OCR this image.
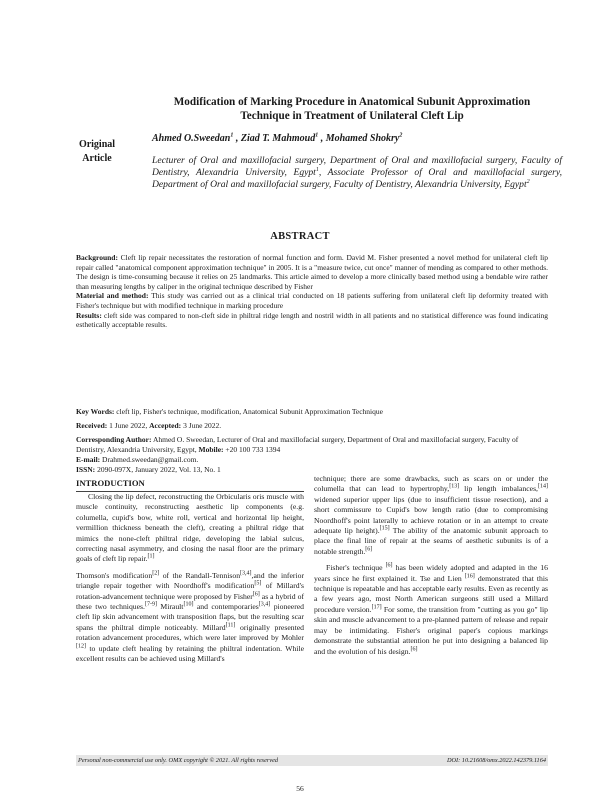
Original Article
Modification of Marking Procedure in Anatomical Subunit Approximation Technique in Treatment of Unilateral Cleft Lip
Ahmed O.Sweedan$^1$ , Ziad T. Mahmoud$^1$ , Mohamed Shokry$^2$
Lecturer of Oral and maxillofacial surgery, Department of Oral and maxillofacial surgery, Faculty of Dentistry, Alexandria University, Egypt$^1$, Associate Professor of Oral and maxillofacial surgery, Department of Oral and maxillofacial surgery, Faculty of Dentistry, Alexandria University, Egypt$^2$
ABSTRACT

Background: Cleft lip repair necessitates the restoration of normal function and form. David M. Fisher presented a novel method for unilateral cleft lip repair called "anatomical component approximation technique" in 2005. It is a "measure twice, cut once" manner of mending as compared to other methods. The design is time-consuming because it relies on 25 landmarks. This article aimed to develop a more clinically based method using a bendable wire rather than measuring lengths by caliper in the original technique described by Fisher

Material and method: This study was carried out as a clinical trial conducted on 18 patients suffering from unilateral cleft lip deformity treated with Fisher's technique but with modified technique in marking procedure

Results: cleft side was compared to non-cleft side in philtral ridge length and nostril width in all patients and no statistical difference was found indicating esthetically acceptable results.

Key Words: cleft lip, Fisher's technique, modification, Anatomical Subunit Approximation Technique

Received: 1 June 2022, Accepted: 3 June 2022.

Corresponding Author: Ahmed O. Sweedan, Lecturer of Oral and maxillofacial surgery, Department of Oral and maxillofacial surgery, Faculty of Dentistry, Alexandria University, Egypt, Mobile: +20 100 733 1394

E-mail: Drahmed.sweedan@gmail.com.

ISSN: 2090-097X, January 2022, Vol. 13, No. 1

INTRODUCTION

Closing the lip defect, reconstructing the Orbicularis oris muscle with muscle continuity, reconstructing aesthetic lip components (e.g. columella, cupid's bow, white roll, vertical and horizontal lip height, vermillion thickness beneath the cleft), creating a philtral ridge that mimics the none-cleft philtral ridge, developing the labial sulcus, correcting nasal asymmetry, and closing the nasal floor are the primary goals of cleft lip repair.[1]

Thomson's modification[2] of the Randall-Tennison[3,4],and the inferior triangle repair together with Noordhoff's modification[5] of Millard's rotation-advancement technique were proposed by Fisher[6] as a hybrid of these two techniques.[7-9] Mirault[10] and contemporaries[3,4] pioneered cleft lip skin advancement with transposition flaps, but the resulting scar spans the philtral dimple noticeably. Millard[11] originally presented rotation advancement procedures, which were later improved by Mohler [12] to update cleft healing by retaining the philtral indentation. While excellent results can be achieved using Millard's

technique; there are some drawbacks, such as scars on or under the columella that can lead to hypertrophy,[13] lip length imbalances,[14] widened superior upper lips (due to insufficient tissue resection), and a short commissure to Cupid's bow length ratio (due to compromising Noordhoff's point laterally to achieve rotation or in an attempt to create adequate lip height).[15] The ability of the anatomic subunit approach to place the final line of repair at the seams of aesthetic subunits is of a notable strength.[6]

Fisher's technique [6] has been widely adopted and adapted in the 16 years since he first explained it. Tse and Lien [16] demonstrated that this technique is repeatable and has acceptable early results. Even as recently as a few years ago, most North American surgeons still used a Millard procedure version.[17] For some, the transition from "cutting as you go" lip skin and muscle advancement to a pre-planned pattern of release and repair may be intimidating. Fisher's original paper's copious markings demonstrate the substantial attention he put into designing a balanced lip and the evolution of his design.[6]

Personal non-commercial use only. OMX copyright © 2021. All rights reserved	DOI: 10.21608/omx.2022.142379.1164
56
